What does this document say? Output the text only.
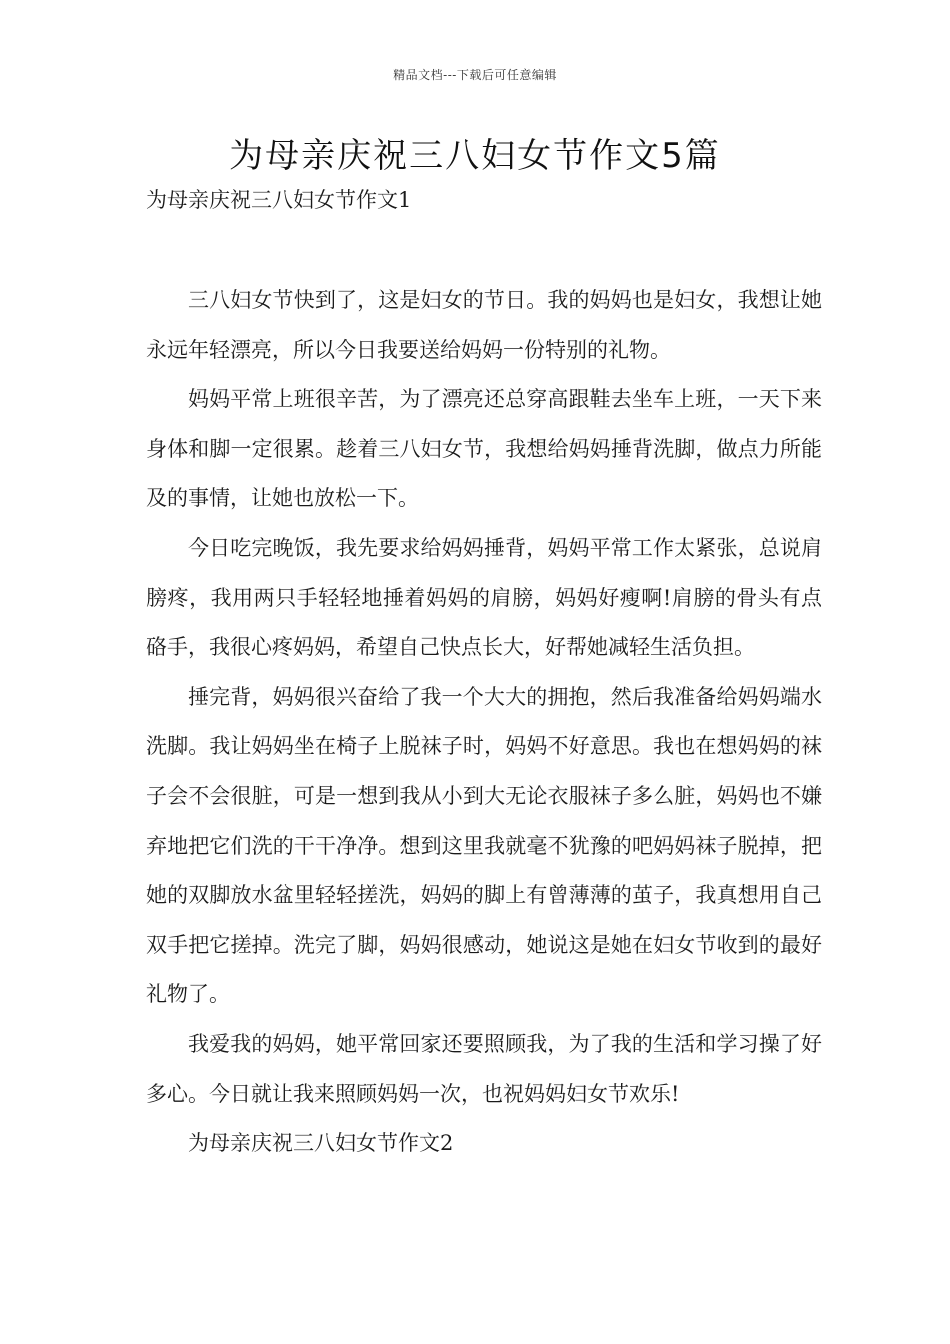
精品文档---下载后可任意编辑
为母亲庆祝三八妇女节作文5篇
为母亲庆祝三八妇女节作文1

三八妇女节快到了，这是妇女的节日。我的妈妈也是妇女，我想让她永远年轻漂亮，所以今日我要送给妈妈一份特别的礼物。

妈妈平常上班很辛苦，为了漂亮还总穿高跟鞋去坐车上班，一天下来身体和脚一定很累。趁着三八妇女节，我想给妈妈捶背洗脚，做点力所能及的事情，让她也放松一下。

今日吃完晚饭，我先要求给妈妈捶背，妈妈平常工作太紧张，总说肩膀疼，我用两只手轻轻地捶着妈妈的肩膀，妈妈好瘦啊!肩膀的骨头有点硌手，我很心疼妈妈，希望自己快点长大，好帮她减轻生活负担。

捶完背，妈妈很兴奋给了我一个大大的拥抱，然后我准备给妈妈端水洗脚。我让妈妈坐在椅子上脱袜子时，妈妈不好意思。我也在想妈妈的袜子会不会很脏，可是一想到我从小到大无论衣服袜子多么脏，妈妈也不嫌弃地把它们洗的干干净净。想到这里我就毫不犹豫的吧妈妈袜子脱掉，把她的双脚放水盆里轻轻搓洗，妈妈的脚上有曾薄薄的茧子，我真想用自己双手把它搓掉。洗完了脚，妈妈很感动，她说这是她在妇女节收到的最好礼物了。

我爱我的妈妈，她平常回家还要照顾我，为了我的生活和学习操了好多心。今日就让我来照顾妈妈一次，也祝妈妈妇女节欢乐!

为母亲庆祝三八妇女节作文2
